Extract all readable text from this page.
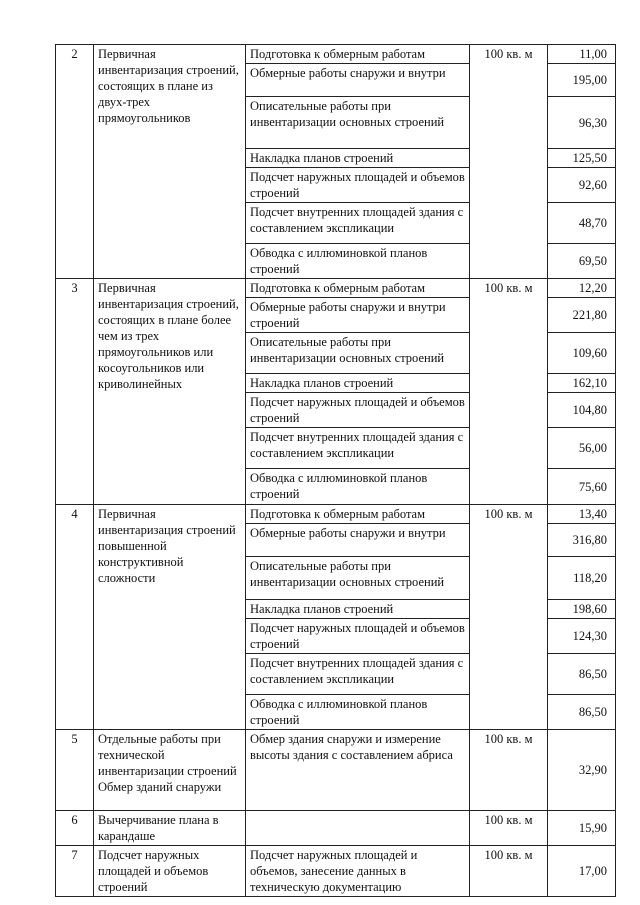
2	Первичная инвентаризация строений, состоящих в плане из двух-трех прямоугольников	Подготовка к обмерным работам	100 кв. м	11,00
		Обмерные работы снаружи и внутри		195,00
		Описательные работы при инвентаризации основных строений		96,30
		Накладка планов строений		125,50
		Подсчет наружных площадей и объемов строений		92,60
		Подсчет внутренних площадей здания с составлением экспликации		48,70
		Обводка с иллюминовкой планов строений		69,50
3	Первичная инвентаризация строений, состоящих в плане более чем из трех прямоугольников или косоугольников или криволинейных	Подготовка к обмерным работам	100 кв. м	12,20
		Обмерные работы снаружи и внутри строений		221,80
		Описательные работы при инвентаризации основных строений		109,60
		Накладка планов строений		162,10
		Подсчет наружных площадей и объемов строений		104,80
		Подсчет внутренних площадей здания с составлением экспликации		56,00
		Обводка с иллюминовкой планов строений		75,60
4	Первичная инвентаризация строений повышенной конструктивной сложности	Подготовка к обмерным работам	100 кв. м	13,40
		Обмерные работы снаружи и внутри		316,80
		Описательные работы при инвентаризации основных строений		118,20
		Накладка планов строений		198,60
		Подсчет наружных площадей и объемов строений		124,30
		Подсчет внутренних площадей здания с составлением экспликации		86,50
		Обводка с иллюминовкой планов строений		86,50
5	Отдельные работы при технической инвентаризации строений Обмер зданий снаружи	Обмер здания снаружи и измерение высоты здания с составлением абриса	100 кв. м	32,90
6	Вычерчивание плана в карандаше		100 кв. м	15,90
7	Подсчет наружных площадей и объемов строений	Подсчет наружных площадей и объемов, занесение данных в техническую документацию	100 кв. м	17,00
